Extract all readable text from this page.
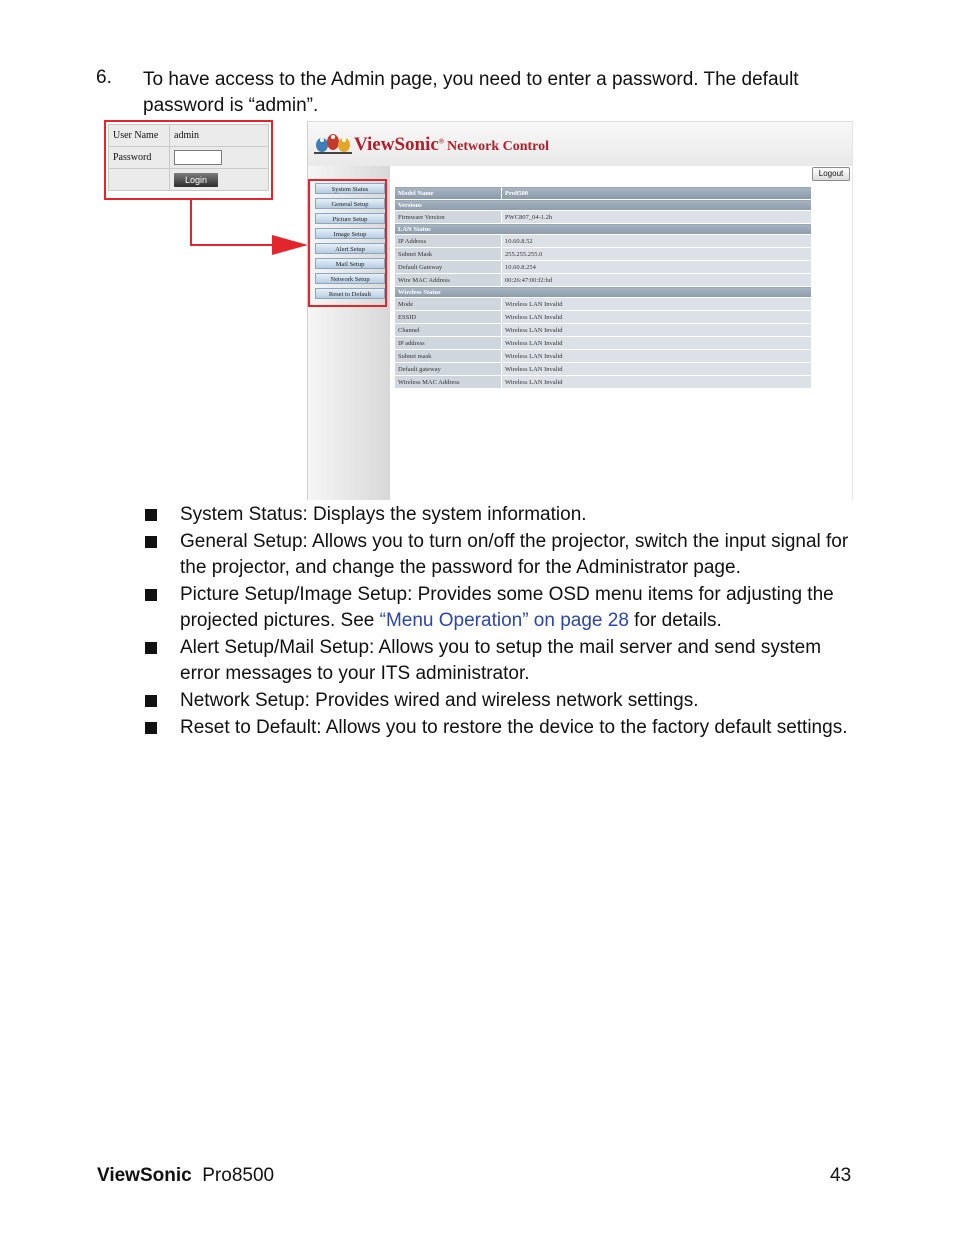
6. To have access to the Admin page, you need to enter a password. The default password is “admin”.
User Name	admin
Password	

	Login
ViewSonic® Network Control
Logout
System Status
General Setup
Picture Setup
Image Setup
Alert Setup
Mail Setup
Network Setup
Reset to Default
Model Name	Pro8500
Versions	
Firmware Version	PWC807_04-1.2h
LAN Status	
IP Address	10.60.8.52
Subnet Mask	255.255.255.0
Default Gateway	10.60.8.254
Wire MAC Address	00:26:47:00:f2:bd
Wireless Status	
Mode	Wireless LAN Invalid
ESSID	Wireless LAN Invalid
Channel	Wireless LAN Invalid
IP address	Wireless LAN Invalid
Subnet mask	Wireless LAN Invalid
Default gateway	Wireless LAN Invalid
Wireless MAC Address	Wireless LAN Invalid
System Status: Displays the system information.
General Setup: Allows you to turn on/off the projector, switch the input signal for the projector, and change the password for the Administrator page.
Picture Setup/Image Setup: Provides some OSD menu items for adjusting the projected pictures. See “Menu Operation” on page 28 for details.
Alert Setup/Mail Setup: Allows you to setup the mail server and send system error messages to your ITS administrator.
Network Setup: Provides wired and wireless network settings.
Reset to Default: Allows you to restore the device to the factory default settings.
ViewSonic Pro8500	43
